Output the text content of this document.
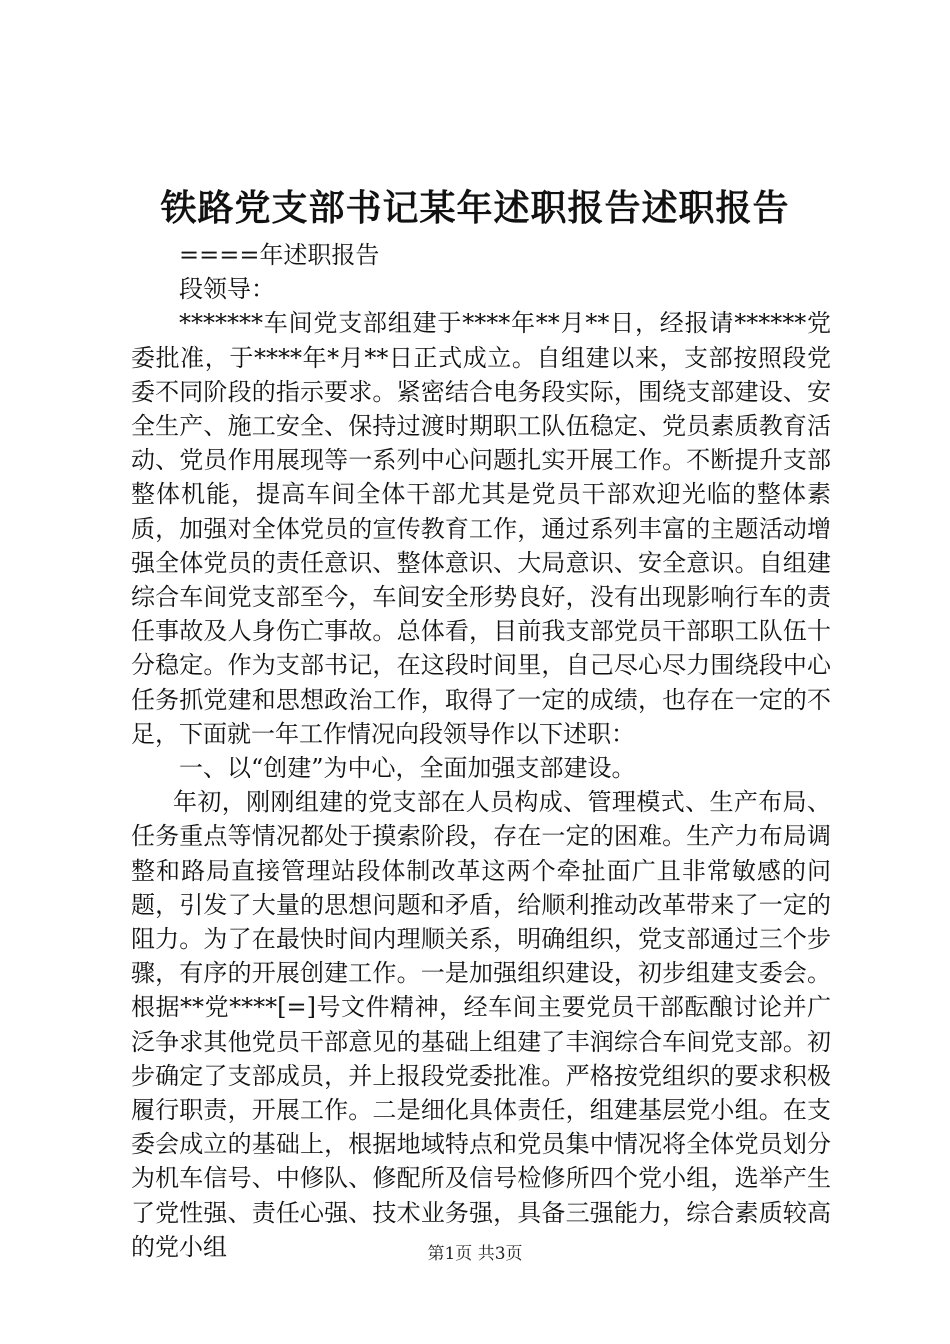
铁路党支部书记某年述职报告述职报告

====年述职报告

段领导：

*******车间党支部组建于****年**月**日，经报请******党委批准，于****年*月**日正式成立。自组建以来，支部按照段党委不同阶段的指示要求。紧密结合电务段实际，围绕支部建设、安全生产、施工安全、保持过渡时期职工队伍稳定、党员素质教育活动、党员作用展现等一系列中心问题扎实开展工作。不断提升支部整体机能，提高车间全体干部尤其是党员干部欢迎光临的整体素质，加强对全体党员的宣传教育工作，通过系列丰富的主题活动增强全体党员的责任意识、整体意识、大局意识、安全意识。自组建综合车间党支部至今，车间安全形势良好，没有出现影响行车的责任事故及人身伤亡事故。总体看，目前我支部党员干部职工队伍十分稳定。作为支部书记，在这段时间里，自己尽心尽力围绕段中心任务抓党建和思想政治工作，取得了一定的成绩，也存在一定的不足，下面就一年工作情况向段领导作以下述职：

一、以“创建”为中心，全面加强支部建设。

年初，刚刚组建的党支部在人员构成、管理模式、生产布局、任务重点等情况都处于摸索阶段，存在一定的困难。生产力布局调整和路局直接管理站段体制改革这两个牵扯面广且非常敏感的问题，引发了大量的思想问题和矛盾，给顺利推动改革带来了一定的阻力。为了在最快时间内理顺关系，明确组织，党支部通过三个步骤，有序的开展创建工作。一是加强组织建设，初步组建支委会。根据**党****[=]号文件精神，经车间主要党员干部酝酿讨论并广泛争求其他党员干部意见的基础上组建了丰润综合车间党支部。初步确定了支部成员，并上报段党委批准。严格按党组织的要求积极履行职责，开展工作。二是细化具体责任，组建基层党小组。在支委会成立的基础上，根据地域特点和党员集中情况将全体党员划分为机车信号、中修队、修配所及信号检修所四个党小组，选举产生了党性强、责任心强、技术业务强，具备三强能力，综合素质较高的党小组	第1页 共3页
